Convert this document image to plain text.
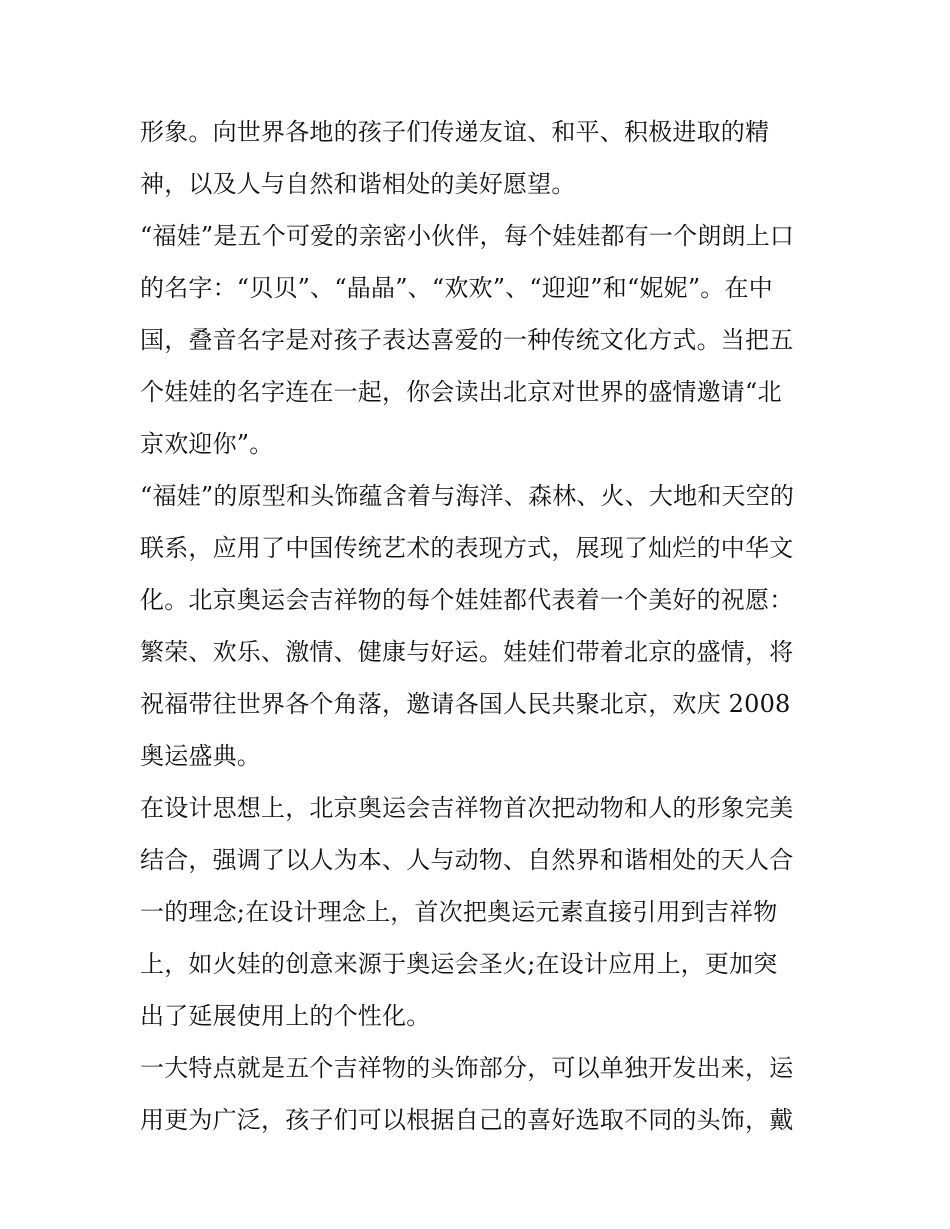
形象。向世界各地的孩子们传递友谊、和平、积极进取的精
神，以及人与自然和谐相处的美好愿望。
“福娃”是五个可爱的亲密小伙伴，每个娃娃都有一个朗朗上口
的名字：“贝贝”、“晶晶”、“欢欢”、“迎迎”和“妮妮”。在中
国，叠音名字是对孩子表达喜爱的一种传统文化方式。当把五
个娃娃的名字连在一起，你会读出北京对世界的盛情邀请“北
京欢迎你”。
“福娃”的原型和头饰蕴含着与海洋、森林、火、大地和天空的
联系，应用了中国传统艺术的表现方式，展现了灿烂的中华文
化。北京奥运会吉祥物的每个娃娃都代表着一个美好的祝愿：
繁荣、欢乐、激情、健康与好运。娃娃们带着北京的盛情，将
祝福带往世界各个角落，邀请各国人民共聚北京，欢庆 2008
奥运盛典。
在设计思想上，北京奥运会吉祥物首次把动物和人的形象完美
结合，强调了以人为本、人与动物、自然界和谐相处的天人合
一的理念;在设计理念上，首次把奥运元素直接引用到吉祥物
上，如火娃的创意来源于奥运会圣火;在设计应用上，更加突
出了延展使用上的个性化。
一大特点就是五个吉祥物的头饰部分，可以单独开发出来，运
用更为广泛，孩子们可以根据自己的喜好选取不同的头饰，戴
